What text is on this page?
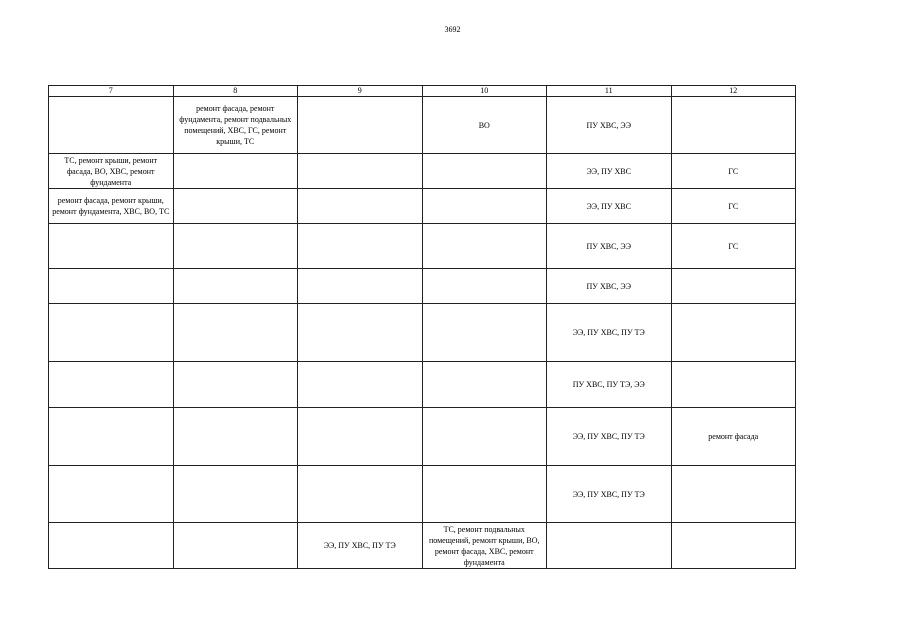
3692
7	8	9	10	11	12
	ремонт фасада, ремонт фундамента, ремонт подвальных помещений, ХВС, ГС, ремонт крыши, ТС		ВО	ПУ ХВС, ЭЭ	
ТС, ремонт крыши, ремонт фасада, ВО, ХВС, ремонт фундамента				ЭЭ, ПУ ХВС	ГС
ремонт фасада, ремонт крыши, ремонт фундамента, ХВС, ВО, ТС				ЭЭ, ПУ ХВС	ГС
				ПУ ХВС, ЭЭ	ГС
				ПУ ХВС, ЭЭ	
				ЭЭ, ПУ ХВС, ПУ ТЭ	
				ПУ ХВС, ПУ ТЭ, ЭЭ	
				ЭЭ, ПУ ХВС, ПУ ТЭ	ремонт фасада
				ЭЭ, ПУ ХВС, ПУ ТЭ	
		ЭЭ, ПУ ХВС, ПУ ТЭ	ТС, ремонт подвальных помещений, ремонт крыши, ВО, ремонт фасада, ХВС, ремонт фундамента		
